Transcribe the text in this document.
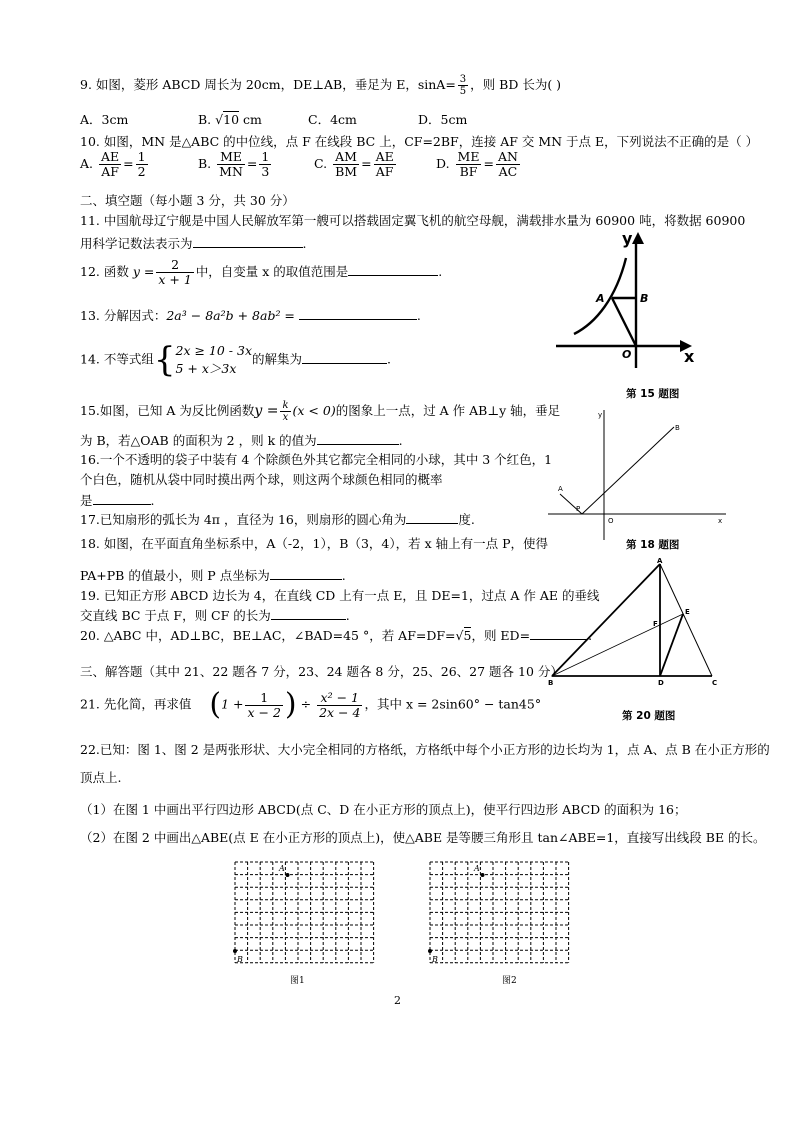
9. 如图，菱形 ABCD 周长为 20cm，DE⊥AB，垂足为 E，$\sin A= \frac{3}{5}$ ，则 BD 长为( )
A．3cm	B. √10 cm	C．4cm	D．5cm
10. 如图，MN 是△ABC 的中位线，点 F 在线段 BC 上，CF=2BF，连接 AF 交 MN 于点 E，下列说法不正确的是（ ）
A. $\frac{AE}{AF} = \frac{1}{2}$	B. $\frac{ME}{MN} = \frac{1}{3}$	C. $\frac{AM}{BM} = \frac{AE}{AF}$	D. $\frac{ME}{BF} = \frac{AN}{AC}$
二、填空题（每小题 3 分，共 30 分）
11. 中国航母辽宁舰是中国人民解放军第一艘可以搭载固定翼飞机的航空母舰，满载排水量为 60900 吨，将数据 60900
用科学记数法表示为	.
12. 函数 $y = \frac{2}{x + 1}$ 中，自变量 x 的取值范围是	.
13. 分解因式：2a³ − 8a²b + 8ab² =	.
14. 不等式组{ 2x ≥ 10 - 3x
5 + x＞3x
的解集为	.
15.如图，已知 A 为反比例函数$y = \frac{k}{x} (x < 0)$的图象上一点，过 A 作 AB⊥y 轴，垂足
为 B，若△OAB 的面积为 2 ，则 k 的值为	.
16.一个不透明的袋子中装有 4 个除颜色外其它都完全相同的小球，其中 3 个红色，1
个白色，随机从袋中同时摸出两个球，则这两个球颜色相同的概率
是	.
17.已知扇形的弧长为 4π ，直径为 16，则扇形的圆心角为	度.
18. 如图，在平面直角坐标系中，A（-2，1），B（3，4），若 x 轴上有一点 P，使得
PA+PB 的值最小，则 P 点坐标为	.
19. 已知正方形 ABCD 边长为 4，在直线 CD 上有一点 E，且 DE=1，过点 A 作 AE 的垂线
交直线 BC 于点 F，则 CF 的长为	.
20. △ABC 中，AD⊥BC，BE⊥AC，∠BAD=45 °，若 AF=DF=√5，则 ED=	.
三、解答题（其中 21、22 题各 7 分，23、24 题各 8 分，25、26、27 题各 10 分）
21. 先化简，再求值 ($1 + \frac{1}{x - 2}$ ) ÷ $\frac{\text{x² − 1}}{2x - 4}$ ，其中 x = 2sin60° − tan45°
22.已知：图 1、图 2 是两张形状、大小完全相同的方格纸，方格纸中每个小正方形的边长均为 1，点 A、点 B 在小正方形的
顶点上.
（1）在图 1 中画出平行四边形 ABCD(点 C、D 在小正方形的顶点上)，使平行四边形 ABCD 的面积为 16；
（2）在图 2 中画出△ABE(点 E 在小正方形的顶点上)，使△ABE 是等腰三角形且 tan∠ABE=1，直接写出线段 BE 的长。
y
x
A	B
O
第 15 题图
y
x
A
B
P
O
第 18 题图
A
B	C
D
E
F
第 20 题图
A
B
图1
A
B
图2
2
